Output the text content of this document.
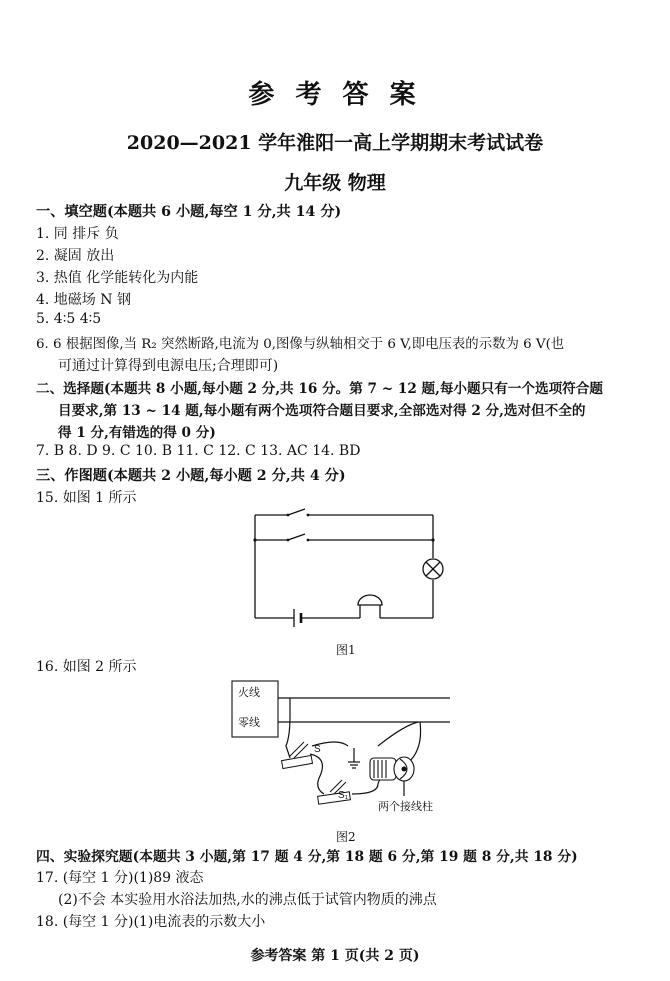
参 考 答 案
2020—2021 学年淮阳一高上学期期末考试试卷
九年级 物理
一、填空题(本题共 6 小题,每空 1 分,共 14 分)
1. 同 排斥 负
2. 凝固 放出
3. 热值 化学能转化为内能
4. 地磁场 N 钢
5. 4∶5 4∶5
6. 6 根据图像,当 R₂ 突然断路,电流为 0,图像与纵轴相交于 6 V,即电压表的示数为 6 V(也
可通过计算得到电源电压;合理即可)
二、选择题(本题共 8 小题,每小题 2 分,共 16 分。第 7 ~ 12 题,每小题只有一个选项符合题
目要求,第 13 ~ 14 题,每小题有两个选项符合题目要求,全部选对得 2 分,选对但不全的
得 1 分,有错选的得 0 分)
7. B 8. D 9. C 10. B 11. C 12. C 13. AC 14. BD
三、作图题(本题共 2 小题,每小题 2 分,共 4 分)
15. 如图 1 所示
图1
16. 如图 2 所示
火线
零线
S
S₁
两个接线柱
图2
四、实验探究题(本题共 3 小题,第 17 题 4 分,第 18 题 6 分,第 19 题 8 分,共 18 分)
17. (每空 1 分)(1)89 液态
(2)不会 本实验用水浴法加热,水的沸点低于试管内物质的沸点
18. (每空 1 分)(1)电流表的示数大小
参考答案 第 1 页(共 2 页)
